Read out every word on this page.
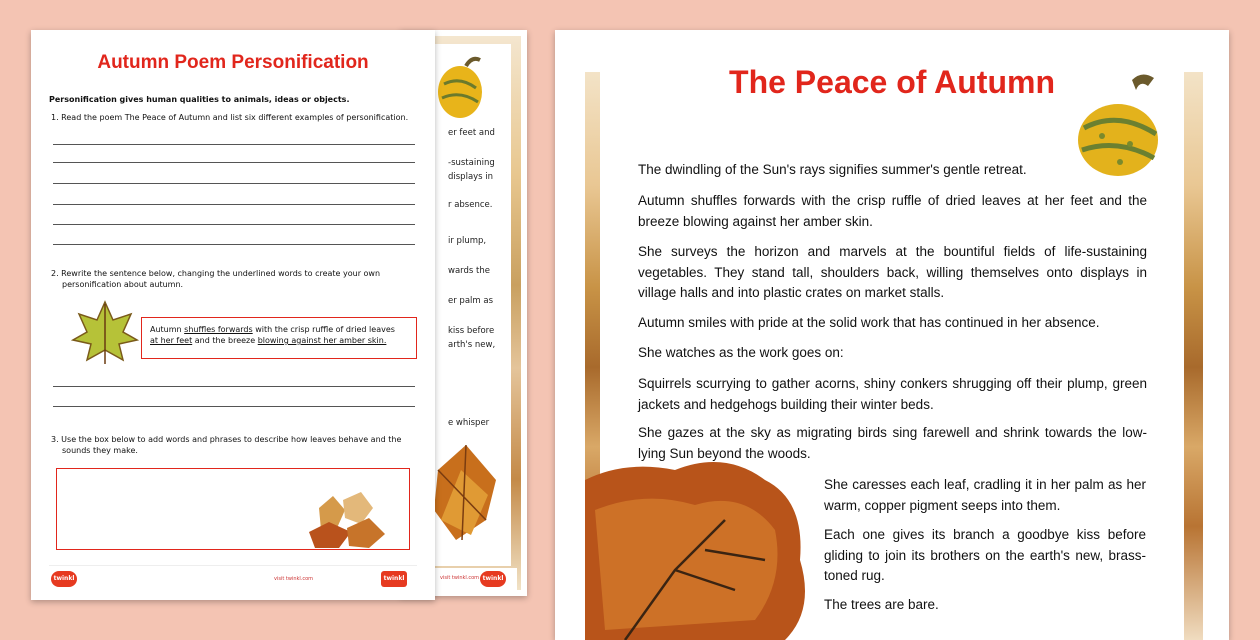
er feet and
-sustaining
displays in
r absence.
ir plump,
wards the
er palm as
kiss before
arth's new,
e whisper
visit twinkl.com twinkl
Autumn Poem Personification
Personification gives human qualities to animals, ideas or objects.
1. Read the poem The Peace of Autumn and list six different examples of personification.
2. Rewrite the sentence below, changing the underlined words to create your own
personification about autumn.
Autumn shuffles forwards with the crisp ruffle of dried leaves
at her feet and the breeze blowing against her amber skin.
3. Use the box below to add words and phrases to describe how leaves behave and the
sounds they make.
twinkl	visit twinkl.com	twinkl
The Peace of Autumn
The dwindling of the Sun's rays signifies summer's gentle retreat.
Autumn shuffles forwards with the crisp ruffle of dried leaves at her feet and the breeze blowing against her amber skin.
She surveys the horizon and marvels at the bountiful fields of life-sustaining vegetables. They stand tall, shoulders back, willing themselves onto displays in village halls and into plastic crates on market stalls.
Autumn smiles with pride at the solid work that has continued in her absence.
She watches as the work goes on:
Squirrels scurrying to gather acorns, shiny conkers shrugging off their plump, green jackets and hedgehogs building their winter beds.
She gazes at the sky as migrating birds sing farewell and shrink towards the low-lying Sun beyond the woods.
She caresses each leaf, cradling it in her palm as her warm, copper pigment seeps into them.
Each one gives its branch a goodbye kiss before gliding to join its brothers on the earth's new, brass-toned rug.
The trees are bare.
